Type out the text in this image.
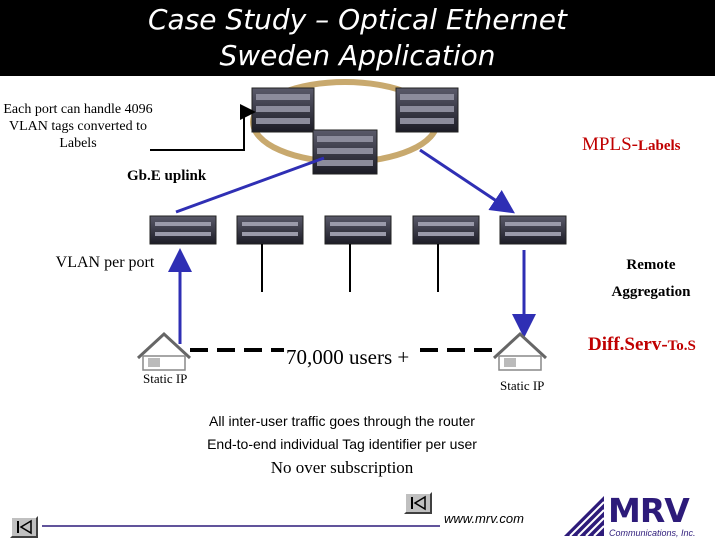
Case Study – Optical Ethernet
Sweden Application
Each port can handle 4096 VLAN tags converted to Labels	MPLS-Labels
Gb.E uplink
VLAN per port	Remote Aggregation
Diff.Serv-To.S
70,000 users +
Static IP	Static IP
All inter-user traffic goes through the router
End-to-end individual Tag identifier per user
No over subscription
www.mrv.com	MRV
Communications, Inc.
